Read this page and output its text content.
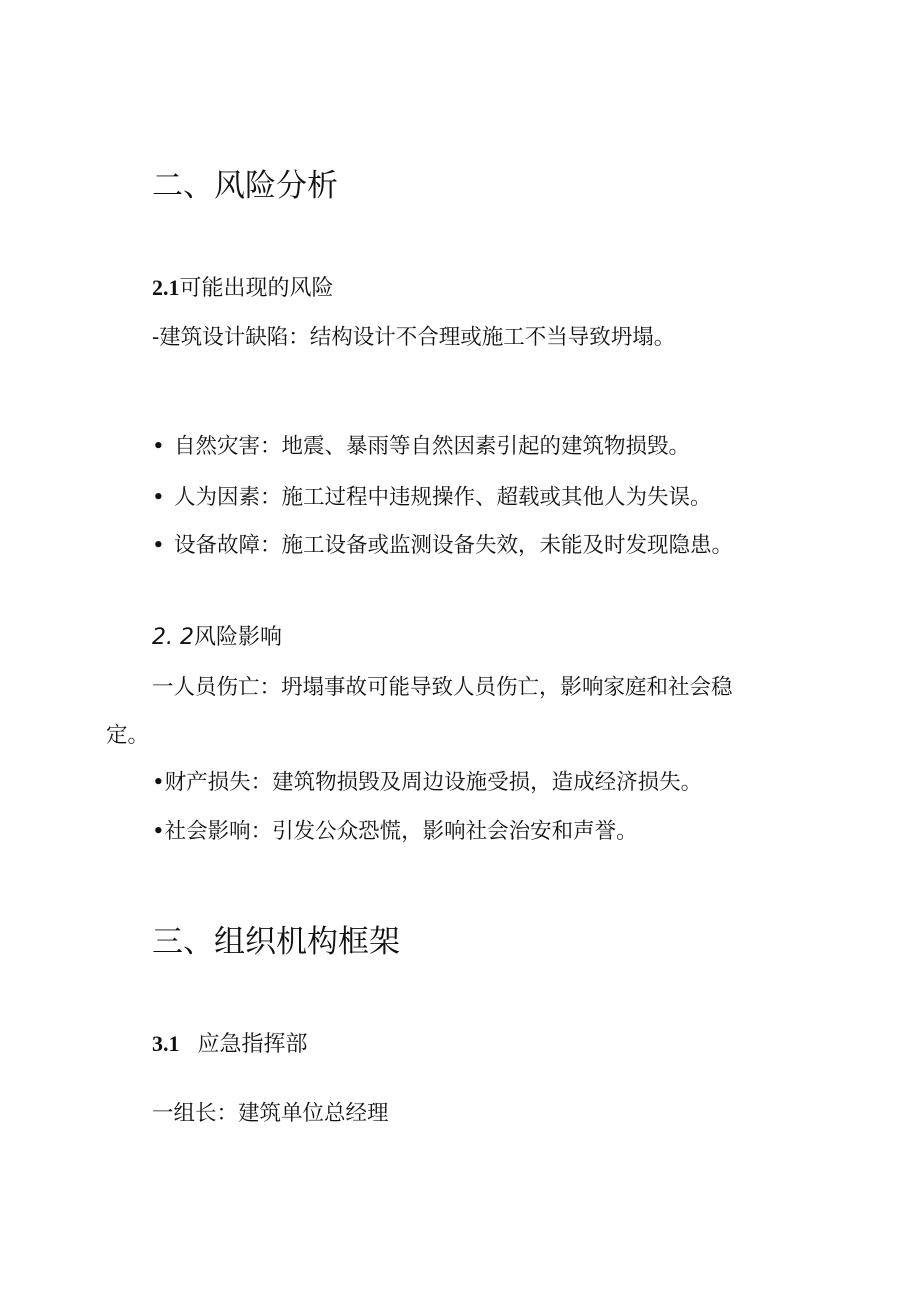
二、风险分析
2.1可能出现的风险
-建筑设计缺陷：结构设计不合理或施工不当导致坍塌。
• 自然灾害：地震、暴雨等自然因素引起的建筑物损毁。
• 人为因素：施工过程中违规操作、超载或其他人为失误。
• 设备故障：施工设备或监测设备失效，未能及时发现隐患。
2. 2风险影响
一人员伤亡：坍塌事故可能导致人员伤亡，影响家庭和社会稳
定。
•财产损失：建筑物损毁及周边设施受损，造成经济损失。
•社会影响：引发公众恐慌，影响社会治安和声誉。
三、组织机构框架
3.1 应急指挥部
一组长：建筑单位总经理
